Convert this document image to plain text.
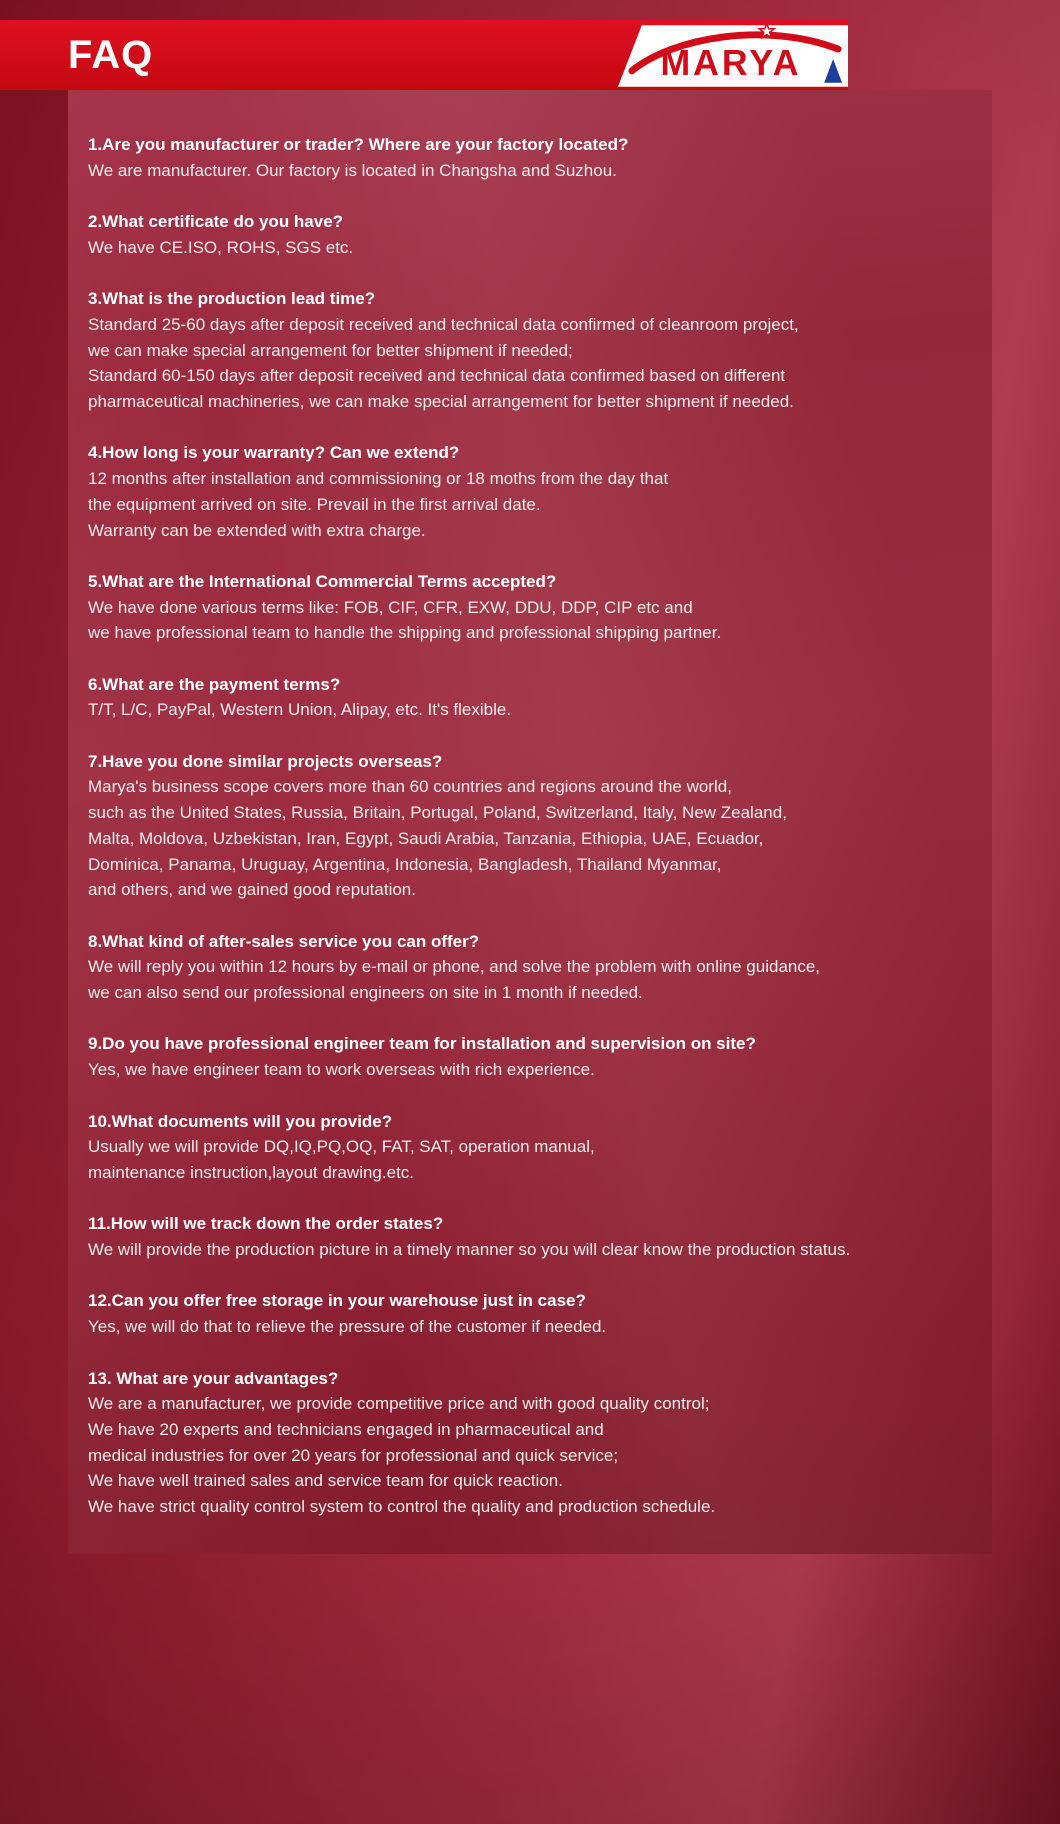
FAQ	MARYA
1.Are you manufacturer or trader? Where are your factory located?

We are manufacturer. Our factory is located in Changsha and Suzhou.

2.What certificate do you have?

We have CE.ISO, ROHS, SGS etc.

3.What is the production lead time?

Standard 25-60 days after deposit received and technical data confirmed of cleanroom project,

we can make special arrangement for better shipment if needed;

Standard 60-150 days after deposit received and technical data confirmed based on different

pharmaceutical machineries, we can make special arrangement for better shipment if needed.

4.How long is your warranty? Can we extend?

12 months after installation and commissioning or 18 moths from the day that

the equipment arrived on site. Prevail in the first arrival date.

Warranty can be extended with extra charge.

5.What are the International Commercial Terms accepted?

We have done various terms like: FOB, CIF, CFR, EXW, DDU, DDP, CIP etc and

we have professional team to handle the shipping and professional shipping partner.

6.What are the payment terms?

T/T, L/C, PayPal, Western Union, Alipay, etc. It's flexible.

7.Have you done similar projects overseas?

Marya's business scope covers more than 60 countries and regions around the world,

such as the United States, Russia, Britain, Portugal, Poland, Switzerland, Italy, New Zealand,

Malta, Moldova, Uzbekistan, Iran, Egypt, Saudi Arabia, Tanzania, Ethiopia, UAE, Ecuador,

Dominica, Panama, Uruguay, Argentina, Indonesia, Bangladesh, Thailand Myanmar,

and others, and we gained good reputation.

8.What kind of after-sales service you can offer?

We will reply you within 12 hours by e-mail or phone, and solve the problem with online guidance,

we can also send our professional engineers on site in 1 month if needed.

9.Do you have professional engineer team for installation and supervision on site?

Yes, we have engineer team to work overseas with rich experience.

10.What documents will you provide?

Usually we will provide DQ,IQ,PQ,OQ, FAT, SAT, operation manual,

maintenance instruction,layout drawing.etc.

11.How will we track down the order states?

We will provide the production picture in a timely manner so you will clear know the production status.

12.Can you offer free storage in your warehouse just in case?

Yes, we will do that to relieve the pressure of the customer if needed.

13. What are your advantages?

We are a manufacturer, we provide competitive price and with good quality control;

We have 20 experts and technicians engaged in pharmaceutical and

medical industries for over 20 years for professional and quick service;

We have well trained sales and service team for quick reaction.

We have strict quality control system to control the quality and production schedule.
